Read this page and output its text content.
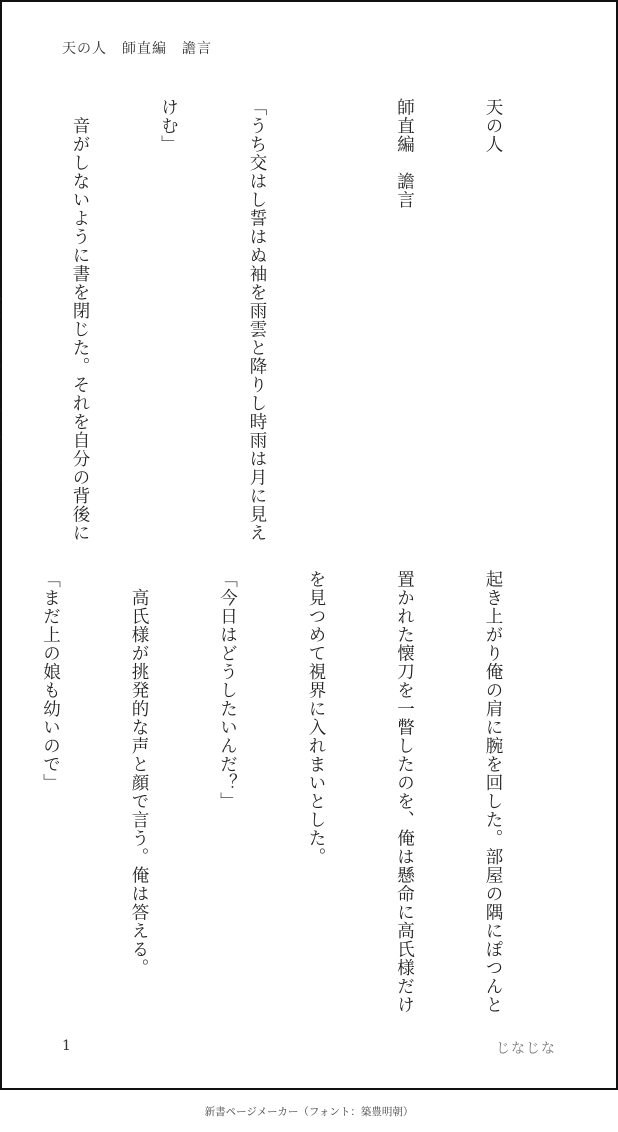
天の人　師直編　譫言

天の人

師直編　譫言

「うち交はし誓はぬ袖を雨雲と降りし時雨は月に見え

けむ」

　音がしないように書を閉じた。それを自分の背後に

起き上がり俺の肩に腕を回した。部屋の隅にぽつんと

置かれた懐刀を一瞥したのを、俺は懸命に高氏様だけ

を見つめて視界に入れまいとした。

「今日はどうしたいんだ？」

　高氏様が挑発的な声と顔で言う。俺は答える。

「まだ上の娘も幼いので」

1	じなじな
新書ページメーカー（フォント：築豊明朝）
